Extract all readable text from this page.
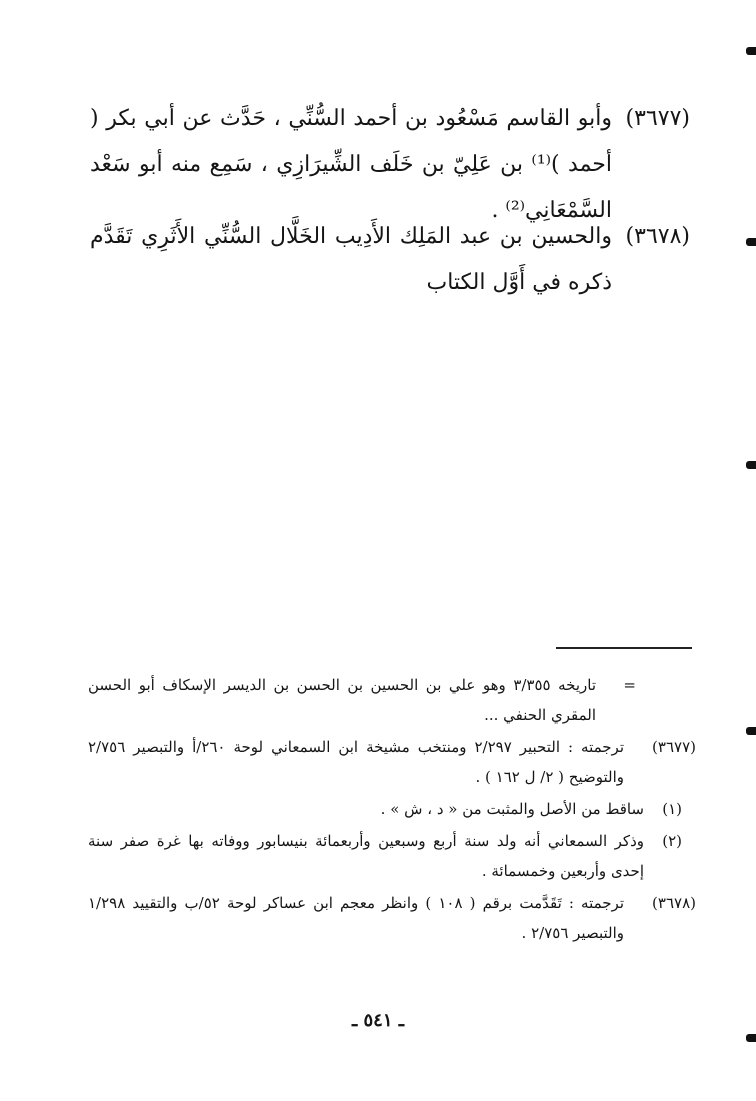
(٣٦٧٧)
وأبو القاسم مَسْعُود بن أحمد السُّنِّي ، حَدَّث عن أبي بكر ( أحمد )⁽¹⁾ بن عَلِيّ بن خَلَف الشِّيرَازِي ، سَمِع منه أبو سَعْد السَّمْعَانِي⁽²⁾ .
(٣٦٧٨)
والحسين بن عبد المَلِك الأَدِيب الخَلَّال السُّنِّي الأَثَرِي تَقَدَّم ذكره في أَوَّل الكتاب
=
تاريخه ٣/٣٥٥ وهو علي بن الحسين بن الحسن بن الديسر الإسكاف أبو الحسن المقري الحنفي ...
(٣٦٧٧)
ترجمته : التحبير ٢/٢٩٧ ومنتخب مشيخة ابن السمعاني لوحة ٢٦٠/أ والتبصير ٢/٧٥٦ والتوضيح ( ٢/ ل ١٦٢ ) .
(١)
ساقط من الأصل والمثبت من « د ، ش » .
(٢)
وذكر السمعاني أنه ولد سنة أربع وسبعين وأربعمائة بنيسابور ووفاته بها غرة صفر سنة إحدى وأربعين وخمسمائة .
(٣٦٧٨)
ترجمته : تَقَدَّمت برقم ( ١٠٨ ) وانظر معجم ابن عساكر لوحة ٥٢/ب والتقييد ١/٢٩٨ والتبصير ٢/٧٥٦ .
ـ ٥٤١ ـ
